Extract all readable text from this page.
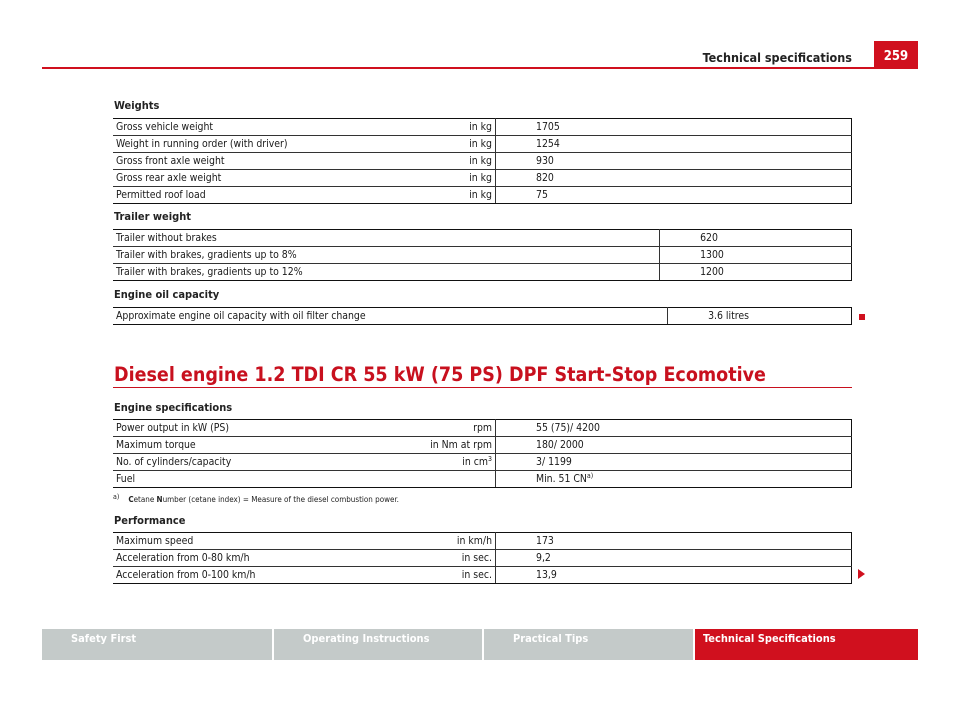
Technical specifications	259
Weights
Gross vehicle weight	in kg	1705
Weight in running order (with driver)	in kg	1254
Gross front axle weight	in kg	930
Gross rear axle weight	in kg	820
Permitted roof load	in kg	75
Trailer weight
Trailer without brakes	620
Trailer with brakes, gradients up to 8%	1300
Trailer with brakes, gradients up to 12%	1200
Engine oil capacity
Approximate engine oil capacity with oil filter change	3.6 litres
Diesel engine 1.2 TDI CR 55 kW (75 PS) DPF Start-Stop Ecomotive
Engine specifications
Power output in kW (PS)	rpm	55 (75)/ 4200
Maximum torque	in Nm at rpm	180/ 2000
No. of cylinders/capacity	in $cm^3$	3/ 1199
Fuel		Min. 51 CN$^{a)}$
a) Cetane Number (cetane index) = Measure of the diesel combustion power.
Performance
Maximum speed	in km/h	173
Acceleration from 0-80 km/h	in sec.	9,2
Acceleration from 0-100 km/h	in sec.	13,9
Safety First	Operating Instructions	Practical Tips	Technical Specifications
